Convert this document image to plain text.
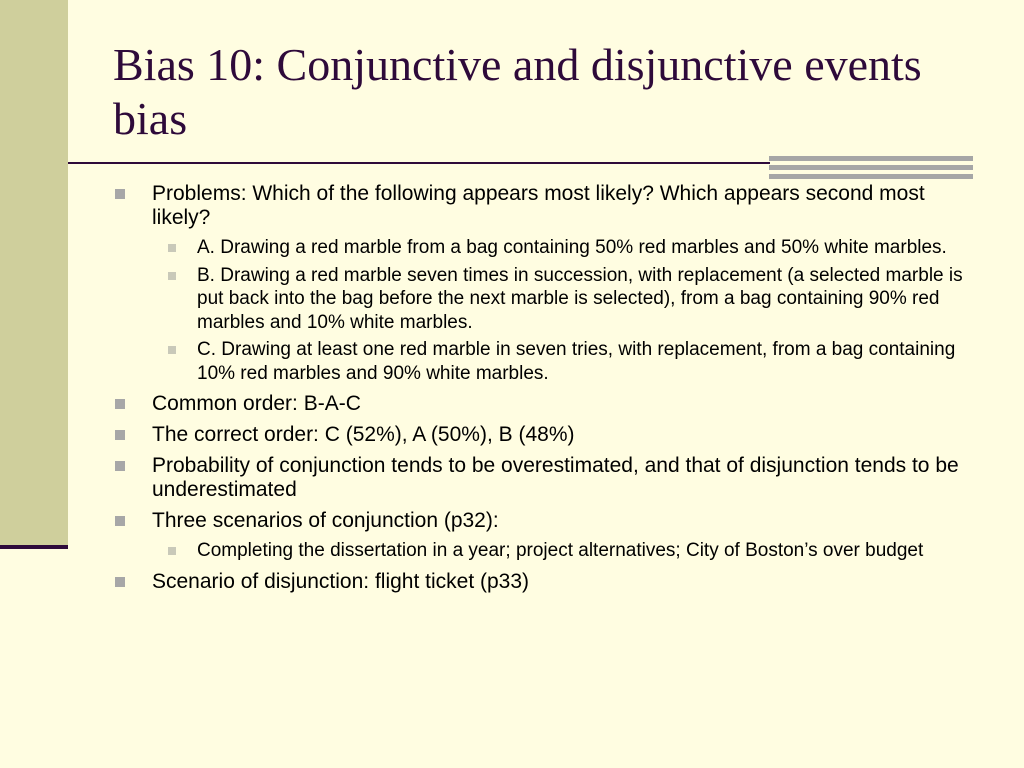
Bias 10: Conjunctive and disjunctive events bias
Problems: Which of the following appears most likely? Which appears second most likely?
A. Drawing a red marble from a bag containing 50% red marbles and 50% white marbles.
B. Drawing a red marble seven times in succession, with replacement (a selected marble is put back into the bag before the next marble is selected), from a bag containing 90% red marbles and 10% white marbles.
C. Drawing at least one red marble in seven tries, with replacement, from a bag containing 10% red marbles and 90% white marbles.
Common order: B-A-C
The correct order: C (52%), A (50%), B (48%)
Probability of conjunction tends to be overestimated, and that of disjunction tends to be underestimated
Three scenarios of conjunction (p32):
Completing the dissertation in a year; project alternatives; City of Boston’s over budget
Scenario of disjunction: flight ticket (p33)
